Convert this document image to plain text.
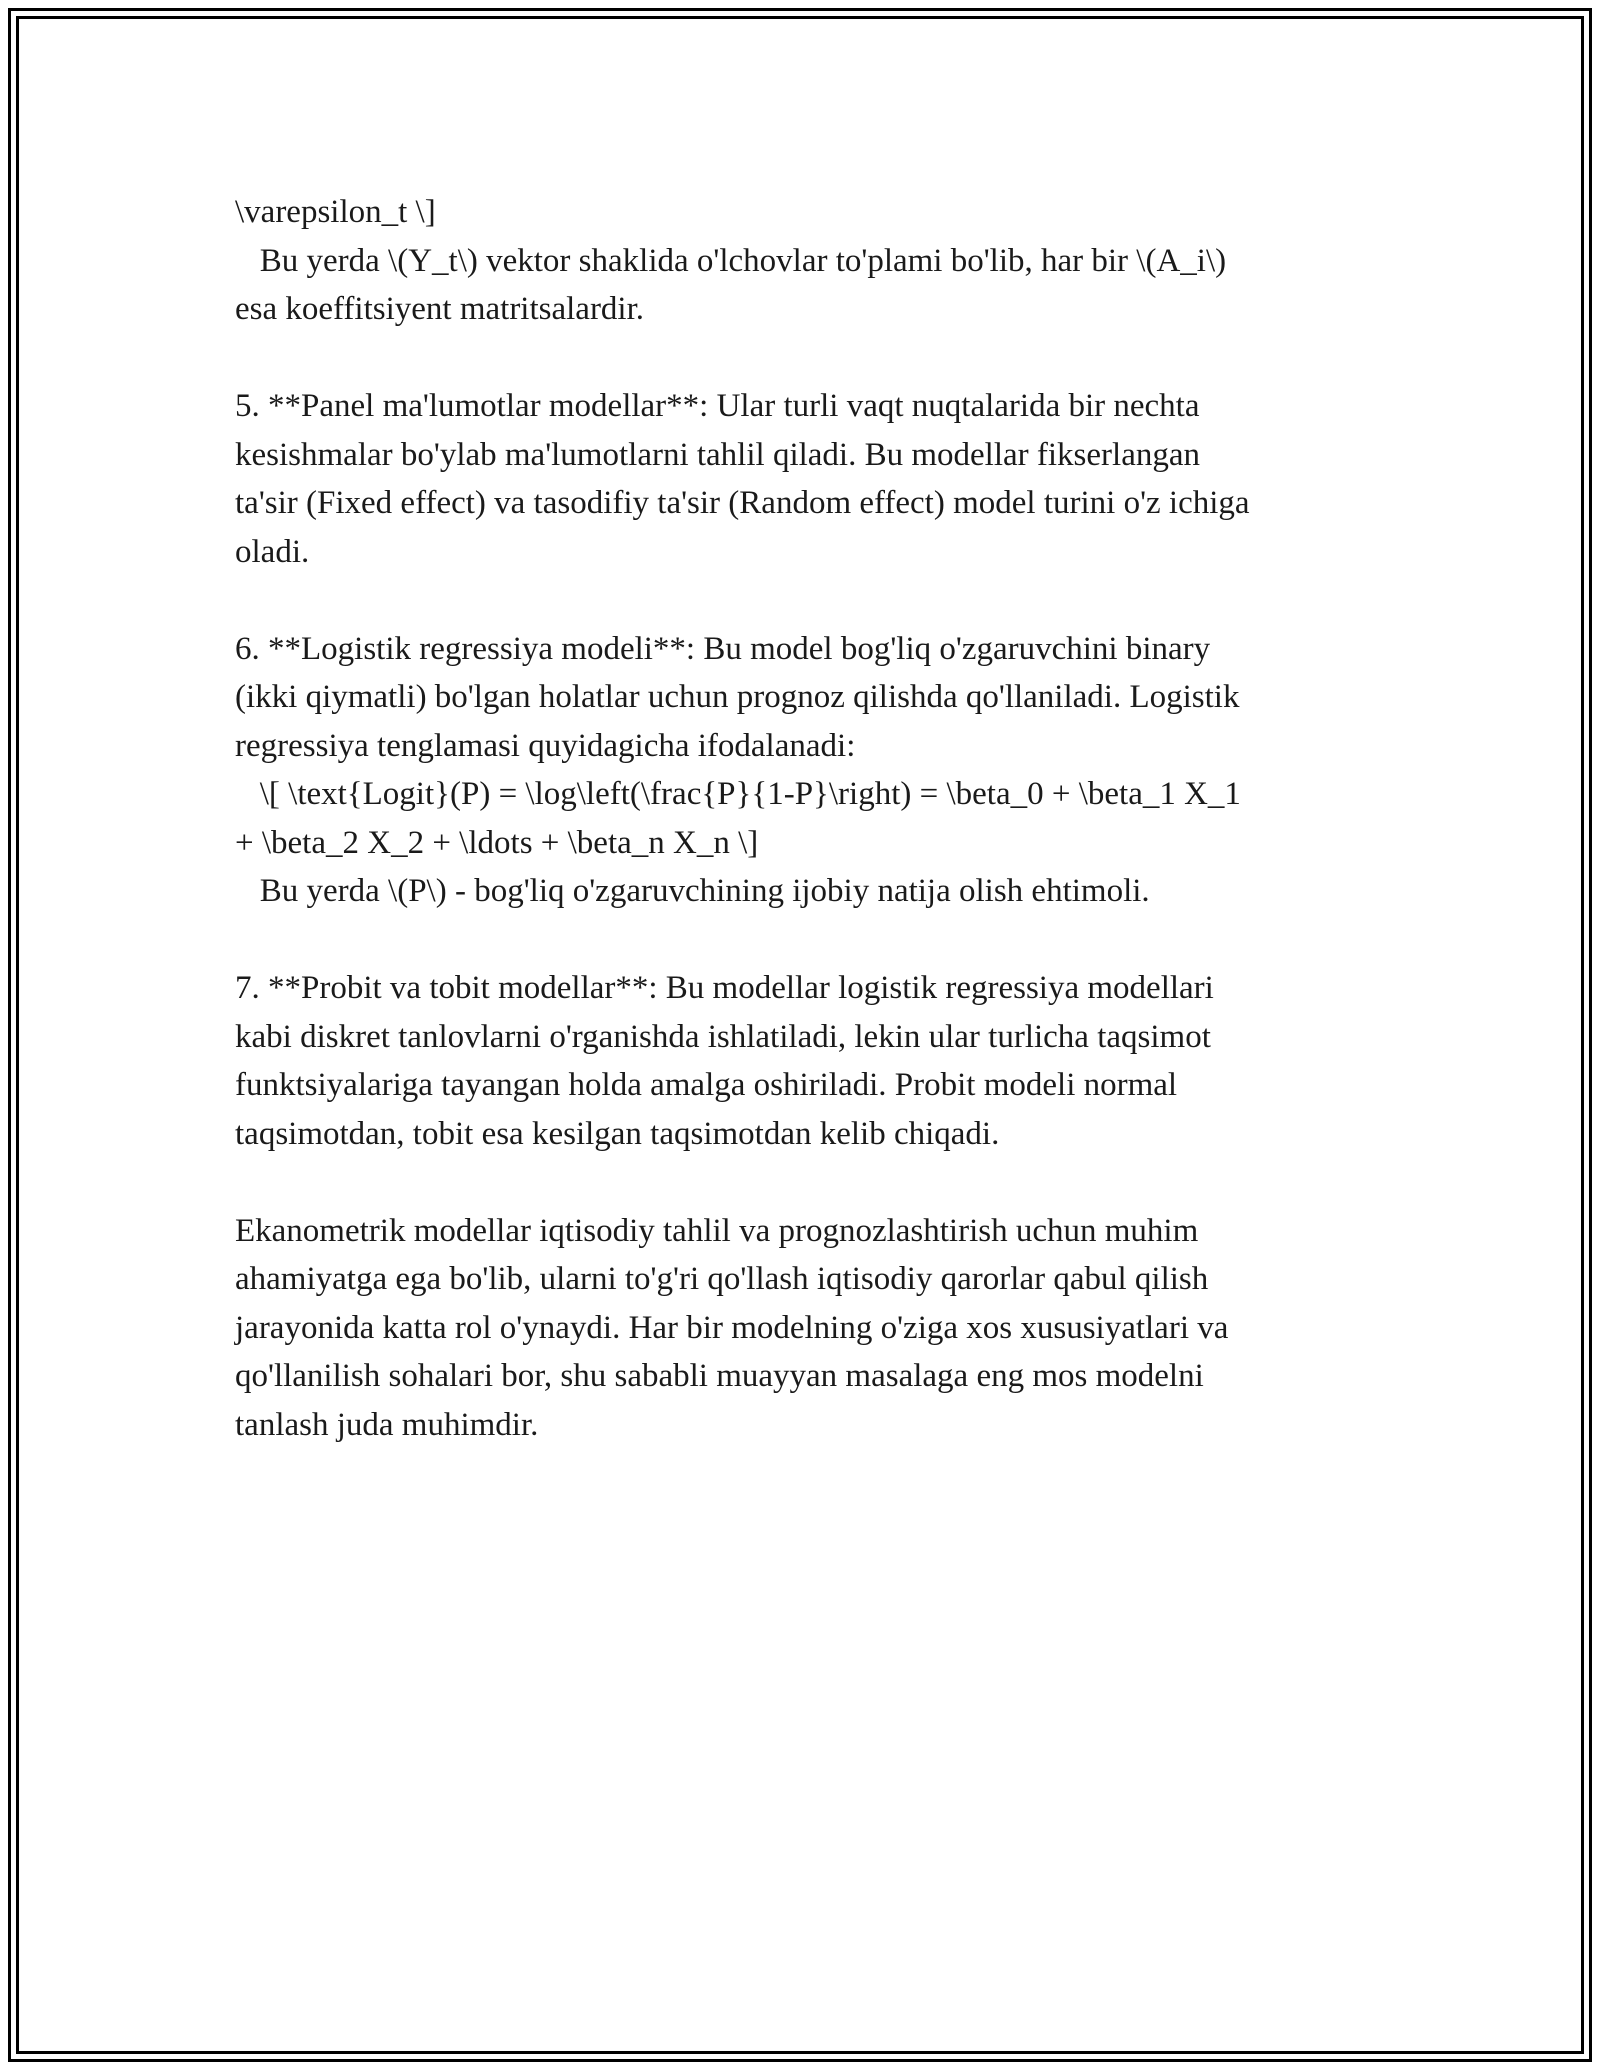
\varepsilon_t \]
Bu yerda \(Y_t\) vektor shaklida o'lchovlar to'plami bo'lib, har bir \(A_i\)
esa koeffitsiyent matritsalardir.
5. **Panel ma'lumotlar modellar**: Ular turli vaqt nuqtalarida bir nechta
kesishmalar bo'ylab ma'lumotlarni tahlil qiladi. Bu modellar fikserlangan
ta'sir (Fixed effect) va tasodifiy ta'sir (Random effect) model turini o'z ichiga
oladi.
6. **Logistik regressiya modeli**: Bu model bog'liq o'zgaruvchini binary
(ikki qiymatli) bo'lgan holatlar uchun prognoz qilishda qo'llaniladi. Logistik
regressiya tenglamasi quyidagicha ifodalanadi:
\[ \text{Logit}(P) = \log\left(\frac{P}{1-P}\right) = \beta_0 + \beta_1 X_1
+ \beta_2 X_2 + \ldots + \beta_n X_n \]
Bu yerda \(P\) - bog'liq o'zgaruvchining ijobiy natija olish ehtimoli.
7. **Probit va tobit modellar**: Bu modellar logistik regressiya modellari
kabi diskret tanlovlarni o'rganishda ishlatiladi, lekin ular turlicha taqsimot
funktsiyalariga tayangan holda amalga oshiriladi. Probit modeli normal
taqsimotdan, tobit esa kesilgan taqsimotdan kelib chiqadi.
Ekanometrik modellar iqtisodiy tahlil va prognozlashtirish uchun muhim
ahamiyatga ega bo'lib, ularni to'g'ri qo'llash iqtisodiy qarorlar qabul qilish
jarayonida katta rol o'ynaydi. Har bir modelning o'ziga xos xususiyatlari va
qo'llanilish sohalari bor, shu sababli muayyan masalaga eng mos modelni
tanlash juda muhimdir.
